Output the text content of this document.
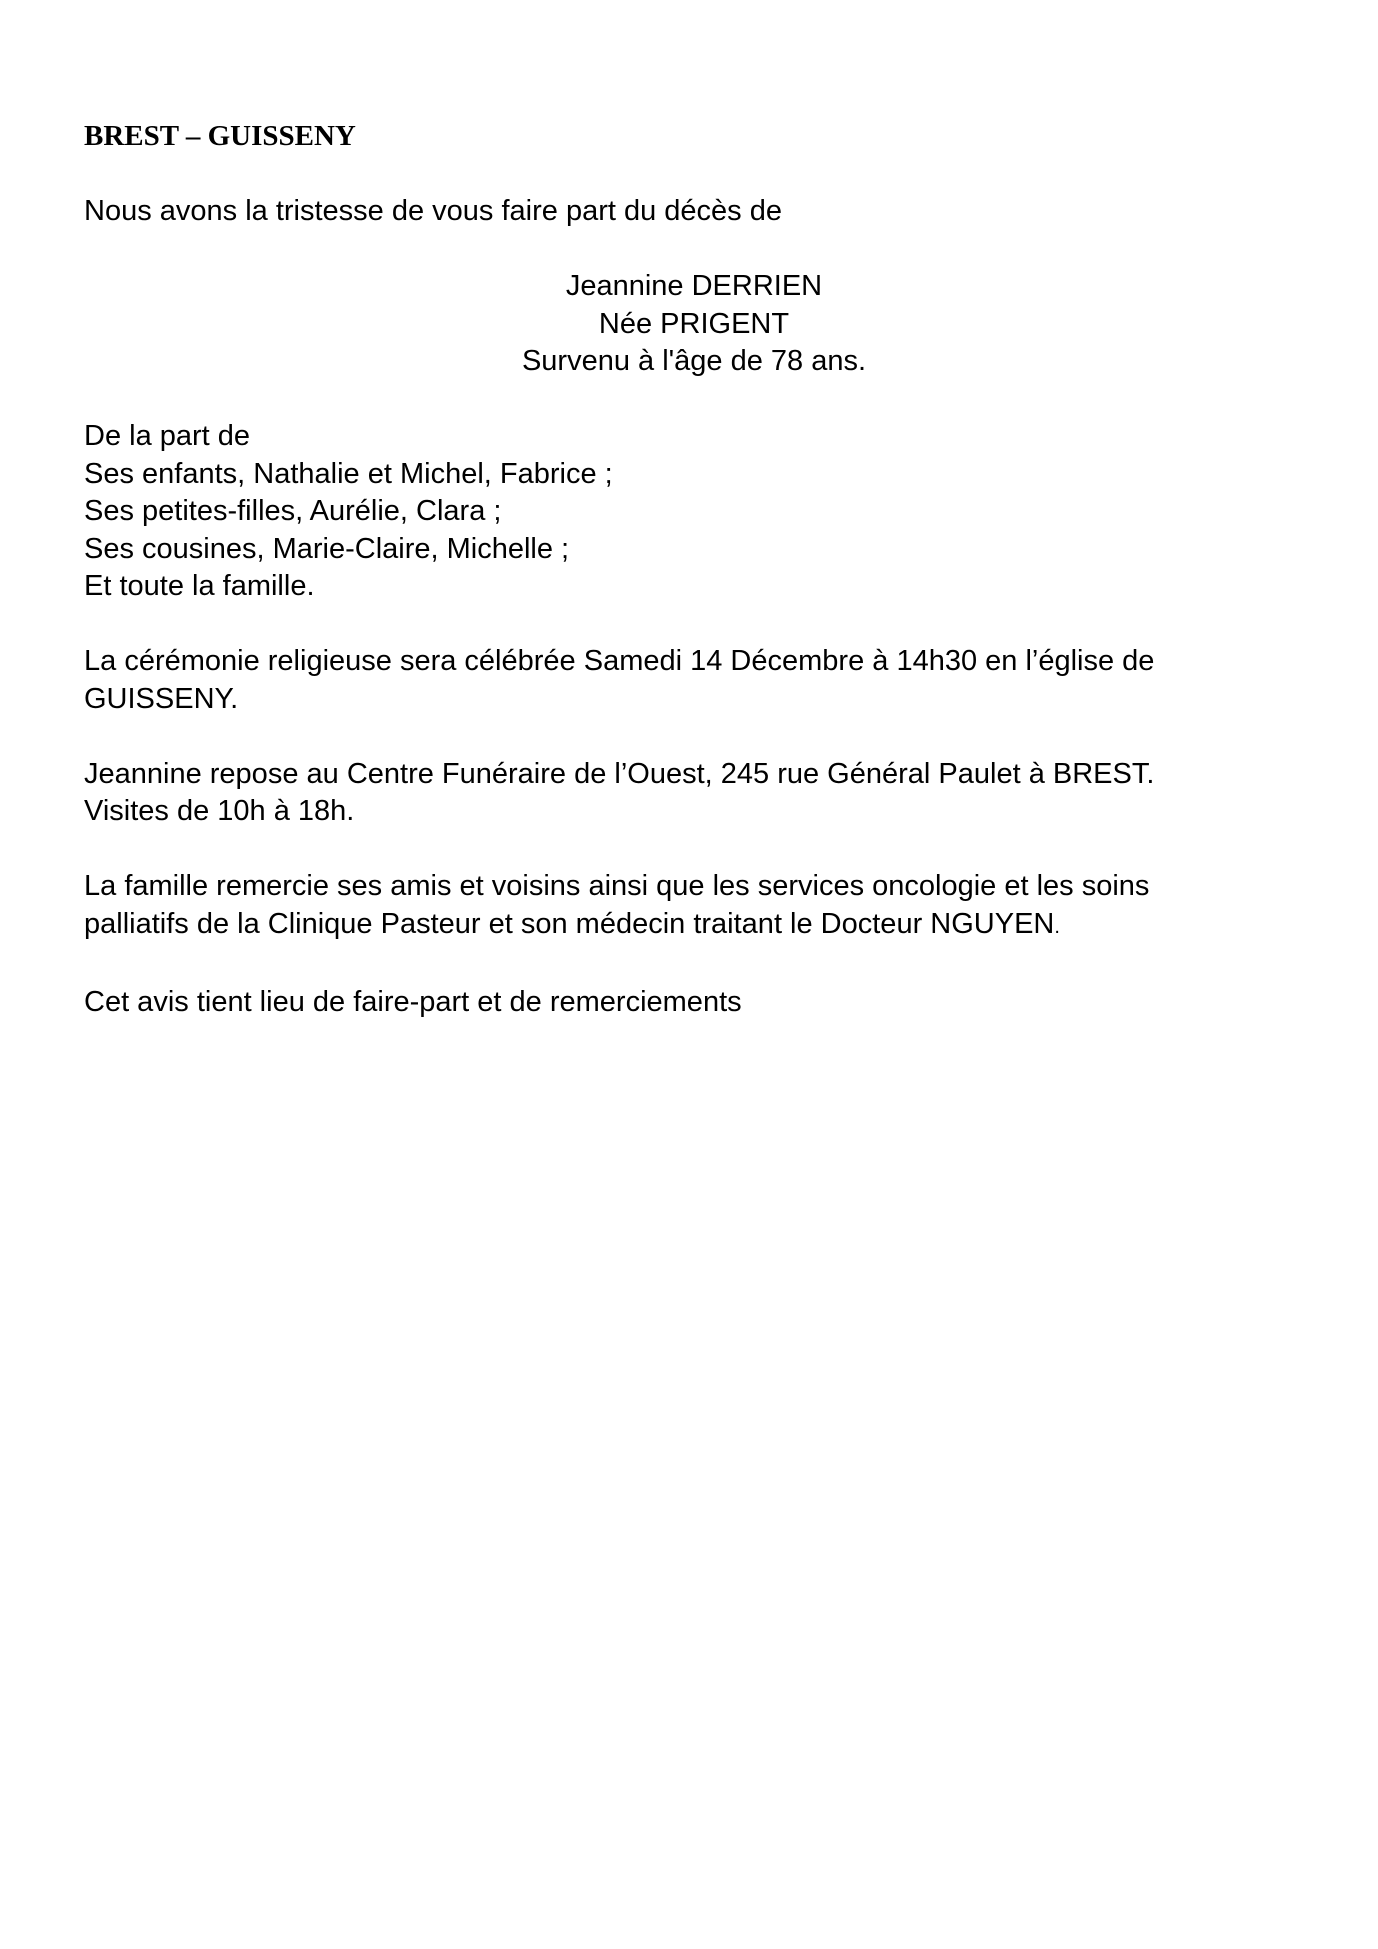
BREST – GUISSENY

Nous avons la tristesse de vous faire part du décès de

Jeannine DERRIEN
Née PRIGENT
Survenu à l'âge de 78 ans.
De la part de
Ses enfants, Nathalie et Michel, Fabrice ;
Ses petites-filles, Aurélie, Clara ;
Ses cousines, Marie-Claire, Michelle ;
Et toute la famille.
La cérémonie religieuse sera célébrée Samedi 14 Décembre à 14h30 en l’église de
GUISSENY.
Jeannine repose au Centre Funéraire de l’Ouest, 245 rue Général Paulet à BREST.
Visites de 10h à 18h.
La famille remercie ses amis et voisins ainsi que les services oncologie et les soins
palliatifs de la Clinique Pasteur et son médecin traitant le Docteur NGUYEN.

Cet avis tient lieu de faire-part et de remerciements
